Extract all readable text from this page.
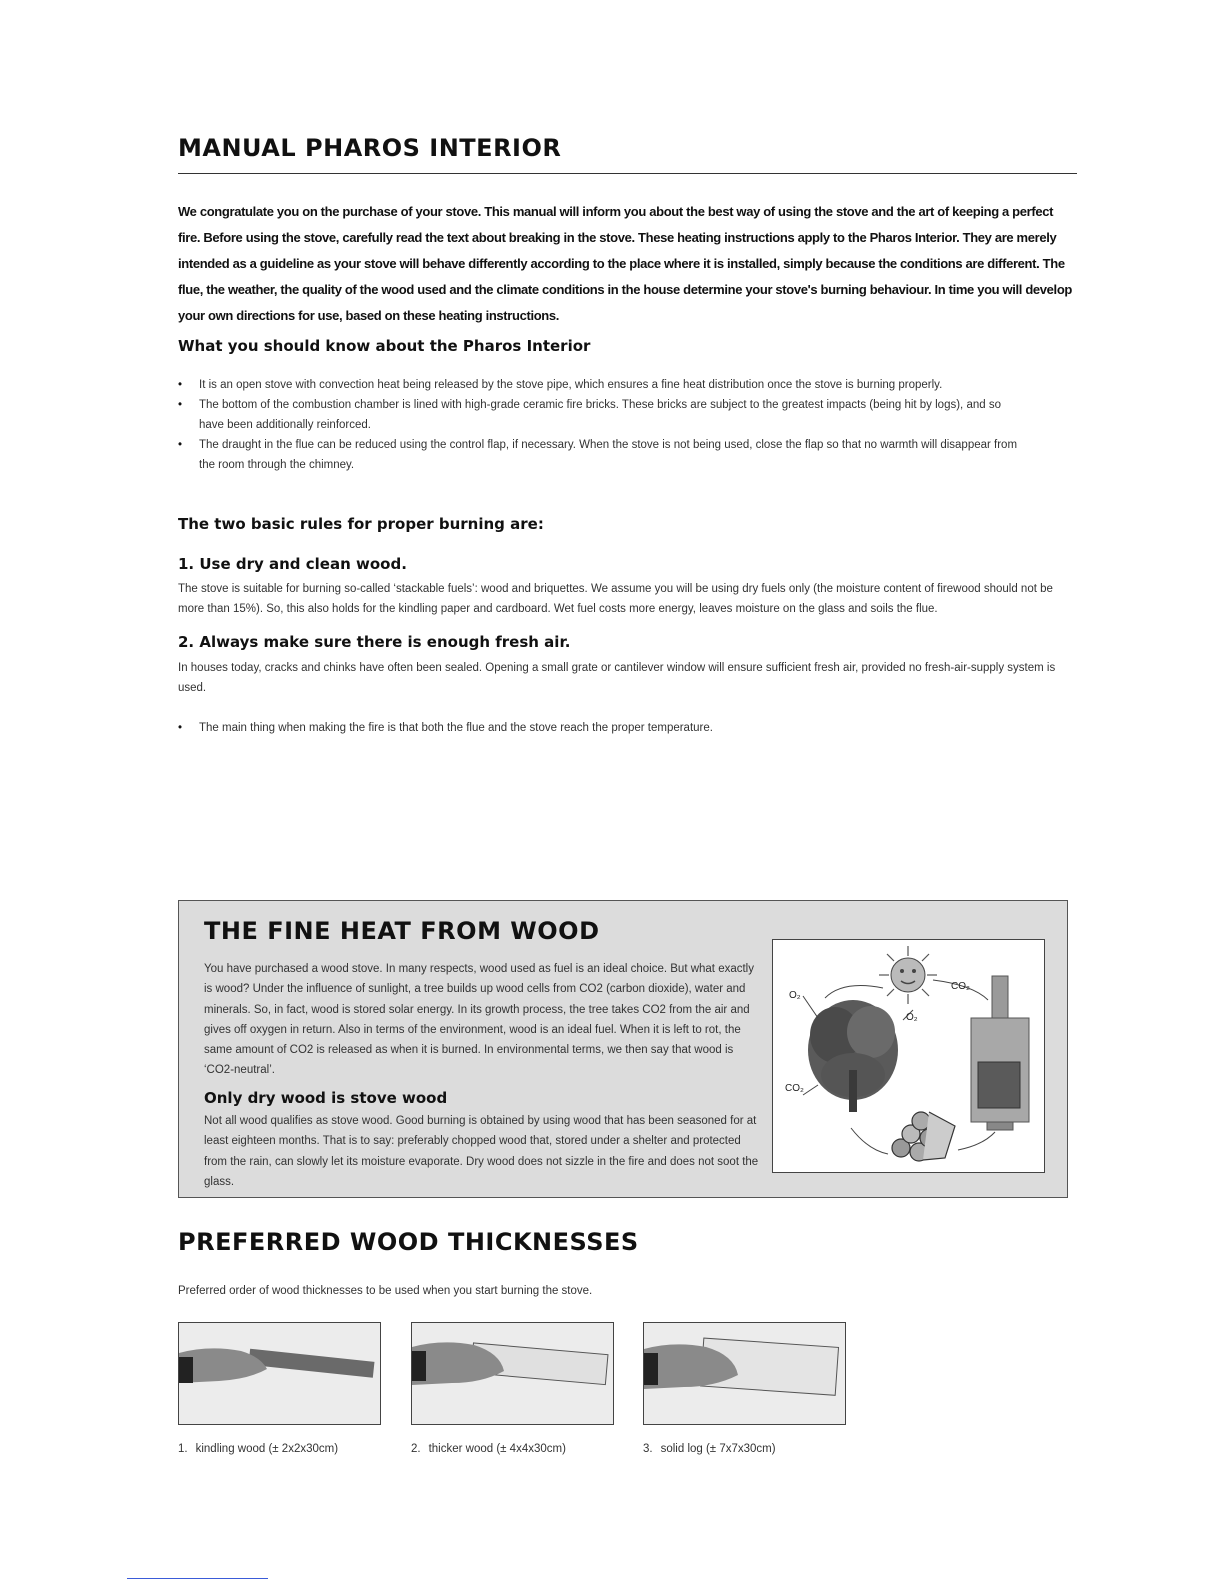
MANUAL PHAROS INTERIOR

We congratulate you on the purchase of your stove. This manual will inform you about the best way of using the stove and the art of keeping a perfect fire. Before using the stove, carefully read the text about breaking in the stove. These heating instructions apply to the Pharos Interior. They are merely intended as a guideline as your stove will behave differently according to the place where it is installed, simply because the conditions are different. The flue, the weather, the quality of the wood used and the climate conditions in the house determine your stove's burning behaviour. In time you will develop your own directions for use, based on these heating instructions.

What you should know about the Pharos Interior
• It is an open stove with convection heat being released by the stove pipe, which ensures a fine heat distribution once the stove is burning properly.
• The bottom of the combustion chamber is lined with high-grade ceramic fire bricks. These bricks are subject to the greatest impacts (being hit by logs), and so have been additionally reinforced.
• The draught in the flue can be reduced using the control flap, if necessary. When the stove is not being used, close the flap so that no warmth will disappear from the room through the chimney.
The two basic rules for proper burning are:
1. Use dry and clean wood.

The stove is suitable for burning so-called ‘stackable fuels’: wood and briquettes. We assume you will be using dry fuels only (the moisture content of firewood should not be more than 15%). So, this also holds for the kindling paper and cardboard. Wet fuel costs more energy, leaves moisture on the glass and soils the flue.

2. Always make sure there is enough fresh air.

In houses today, cracks and chinks have often been sealed. Opening a small grate or cantilever window will ensure sufficient fresh air, provided no fresh-air-supply system is used.

• The main thing when making the fire is that both the flue and the stove reach the proper temperature.
THE FINE HEAT FROM WOOD

You have purchased a wood stove. In many respects, wood used as fuel is an ideal choice. But what exactly is wood? Under the influence of sunlight, a tree builds up wood cells from CO2 (carbon dioxide), water and minerals. So, in fact, wood is stored solar energy. In its growth process, the tree takes CO2 from the air and gives off oxygen in return. Also in terms of the environment, wood is an ideal fuel. When it is left to rot, the same amount of CO2 is released as when it is burned. In environmental terms, we then say that wood is ‘CO2-neutral’.

Only dry wood is stove wood

Not all wood qualifies as stove wood. Good burning is obtained by using wood that has been seasoned for at least eighteen months. That is to say: preferably chopped wood that, stored under a shelter and protected from the rain, can slowly let its moisture evaporate. Dry wood does not sizzle in the fire and does not soot the glass.

O₂
O₂
CO₂
CO₂
PREFERRED WOOD THICKNESSES

Preferred order of wood thicknesses to be used when you start burning the stove.

1. kindling wood (± 2x2x30cm)	2. thicker wood (± 4x4x30cm)	3. solid log (± 7x7x30cm)
